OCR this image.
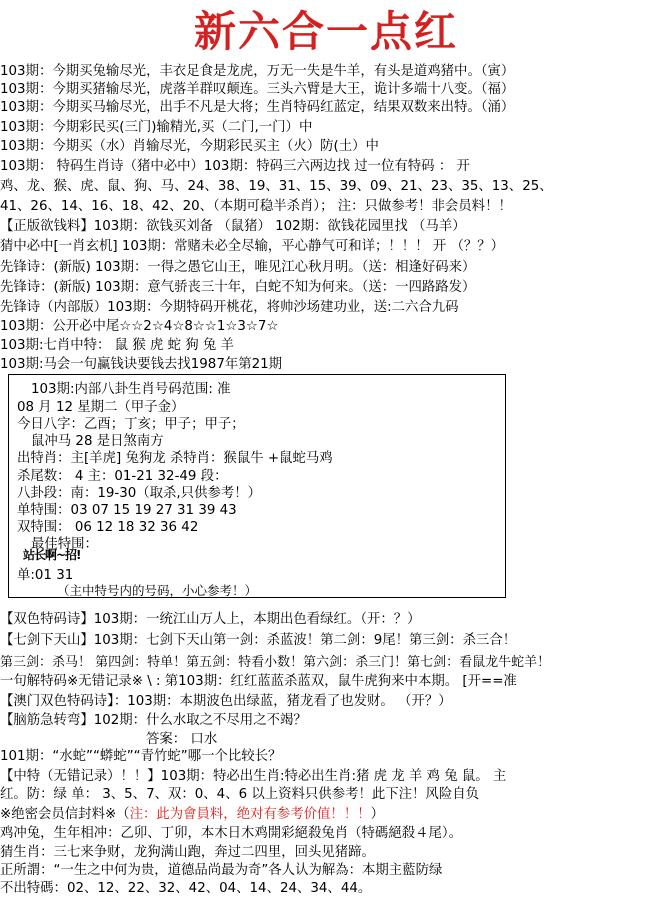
新六合一点红
103期：今期买兔输尽光，丰衣足食是龙虎，万无一失是牛羊，有头是道鸡猪中。（寅）
103期：今期买猪输尽光，虎落羊群叹颠连。三头六臂是大王，诡计多端十八变。（福）
103期：今期买马输尽光，出手不凡是大将；生肖特码红蓝定，结果双数来出特。（涌）
103期：今期彩民买(三门)输精光,买（二门,一门）中
103期：今期买（水）肖输尽光，今期彩民买主（火）防(土）中
103期： 特码生肖诗（猪中必中）103期：特码三六两边找 过一位有特码 ： 开
鸡、龙、猴、虎、鼠、狗、马、24、38、19、31、15、39、09、21、23、35、13、25、
41、26、14、16、18、42、20、（本期可稳半杀肖）； 注：只做参考！非会员料！！
【正版欲钱料】103期：欲钱买刘备 （鼠猪） 102期：欲钱花园里找 （马羊）
猜中必中[一肖玄机] 103期：常赌未必全尽输，平心静气可和详；！！！ 开 （？？）
先锋诗：(新版) 103期：一得之愚它山王，唯见江心秋月明。（送：相逢好码来）
先锋诗：(新版) 103期：意气骄丧三十年，白蛇不知为何来。（送：一四路路发）
先锋诗（内部版）103期：今期特码开桃花，将帅沙场建功业，送:二六合九码
103期：公开必中尾☆☆2☆4☆8☆☆1☆3☆7☆
103期:七肖中特： 鼠 猴 虎 蛇 狗 兔 羊
103期:马会一句赢钱诀要钱去找1987年第21期
103期:内部八卦生肖号码范围: 准
08 月 12 星期二（甲子金）
今日八字：乙酉；丁亥；甲子；甲子；
鼠冲马 28 是日煞南方
出特肖：主[羊虎] 兔狗龙 杀特肖：猴鼠牛 +鼠蛇马鸡
杀尾数： 4 主：01-21 32-49 段：
八卦段：南：19-30（取杀,只供参考！）
单特围：03 07 15 19 27 31 39 43
双特围： 06 12 18 32 36 42
最佳特围：
站长啊~招!
单:01 31
（主中特号内的号码，小心参考！）
【双色特码诗】103期：一统江山万人上，本期出色看绿红。（开：？）
【七剑下天山】103期：七剑下天山第一剑：杀蓝波！第二剑：9尾！第三剑：杀三合！
第三剑：杀马！ 第四剑：特单！第五剑：特看小数！第六剑：杀三门！第七剑：看鼠龙牛蛇羊！
一句解特码※无错记录※ \ : 第103期：红红蓝蓝杀蓝双，鼠牛虎狗来中本期。 [开==准
【澳门双色特码诗】：103期：本期波色出绿蓝，猪龙看了也发财。 （开？）
【脑筋急转弯】102期：什么水取之不尽用之不竭？
答案： 口水
101期：“水蛇”“蟒蛇”“青竹蛇”哪一个比较长？
【中特（无错记录）！！】103期：特必出生肖:特必出生肖:猪 虎 龙 羊 鸡 兔 鼠。 主
红。防：绿 单： 3、5、7、双：0、4、6 以上资料只供参考！此下注！风险自负
※绝密会员信封料※（注：此为會員料，绝对有参考价值！！！）
鸡冲兔，生年相冲：乙卯、丁卯，本木日木鸡開彩絕殺兔肖（特碼絕殺４尾）。
猜生肖：三七来争财，龙狗满山跑，奔过二四里，回头见猪蹄。
正所謂：“一生之中何为贵，道德品尚最为奇”各人认为解為：本期主藍防绿
不出特碼：02、12、22、32、42、04、14、24、34、44。
